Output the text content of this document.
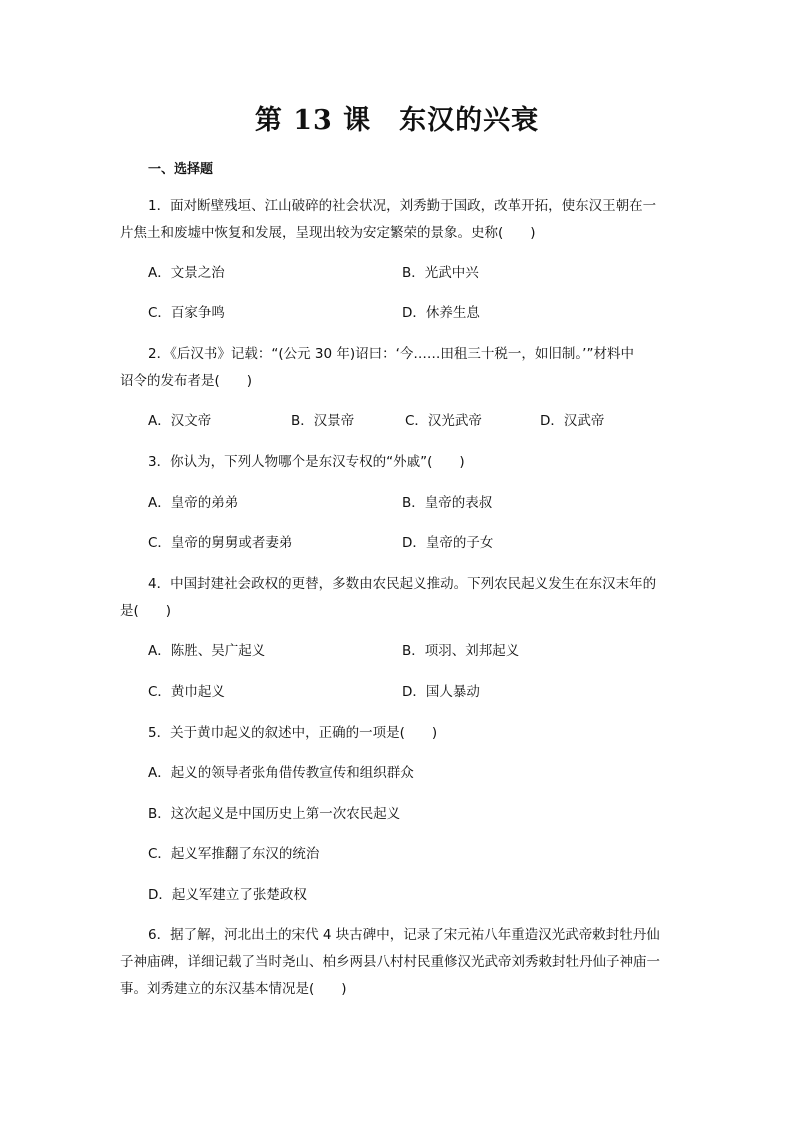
第 13 课　东汉的兴衰
一、选择题
1．面对断壁残垣、江山破碎的社会状况，刘秀勤于国政，改革开拓，使东汉王朝在一
片焦土和废墟中恢复和发展，呈现出较为安定繁荣的景象。史称(　　)
A．文景之治	B．光武中兴
C．百家争鸣	D．休养生息
2．《后汉书》记载：“(公元 30 年)诏曰：‘今……田租三十税一，如旧制。’”材料中
诏令的发布者是(　　)
A．汉文帝	B．汉景帝	C．汉光武帝	D．汉武帝
3．你认为，下列人物哪个是东汉专权的“外戚”(　　)
A．皇帝的弟弟	B．皇帝的表叔
C．皇帝的舅舅或者妻弟	D．皇帝的子女
4．中国封建社会政权的更替，多数由农民起义推动。下列农民起义发生在东汉末年的
是(　　)
A．陈胜、吴广起义	B．项羽、刘邦起义
C．黄巾起义	D．国人暴动
5．关于黄巾起义的叙述中，正确的一项是(　　)
A．起义的领导者张角借传教宣传和组织群众
B．这次起义是中国历史上第一次农民起义
C．起义军推翻了东汉的统治
D．起义军建立了张楚政权
6．据了解，河北出土的宋代 4 块古碑中，记录了宋元祐八年重造汉光武帝敕封牡丹仙
子神庙碑，详细记载了当时尧山、柏乡两县八村村民重修汉光武帝刘秀敕封牡丹仙子神庙一
事。刘秀建立的东汉基本情况是(　　)
